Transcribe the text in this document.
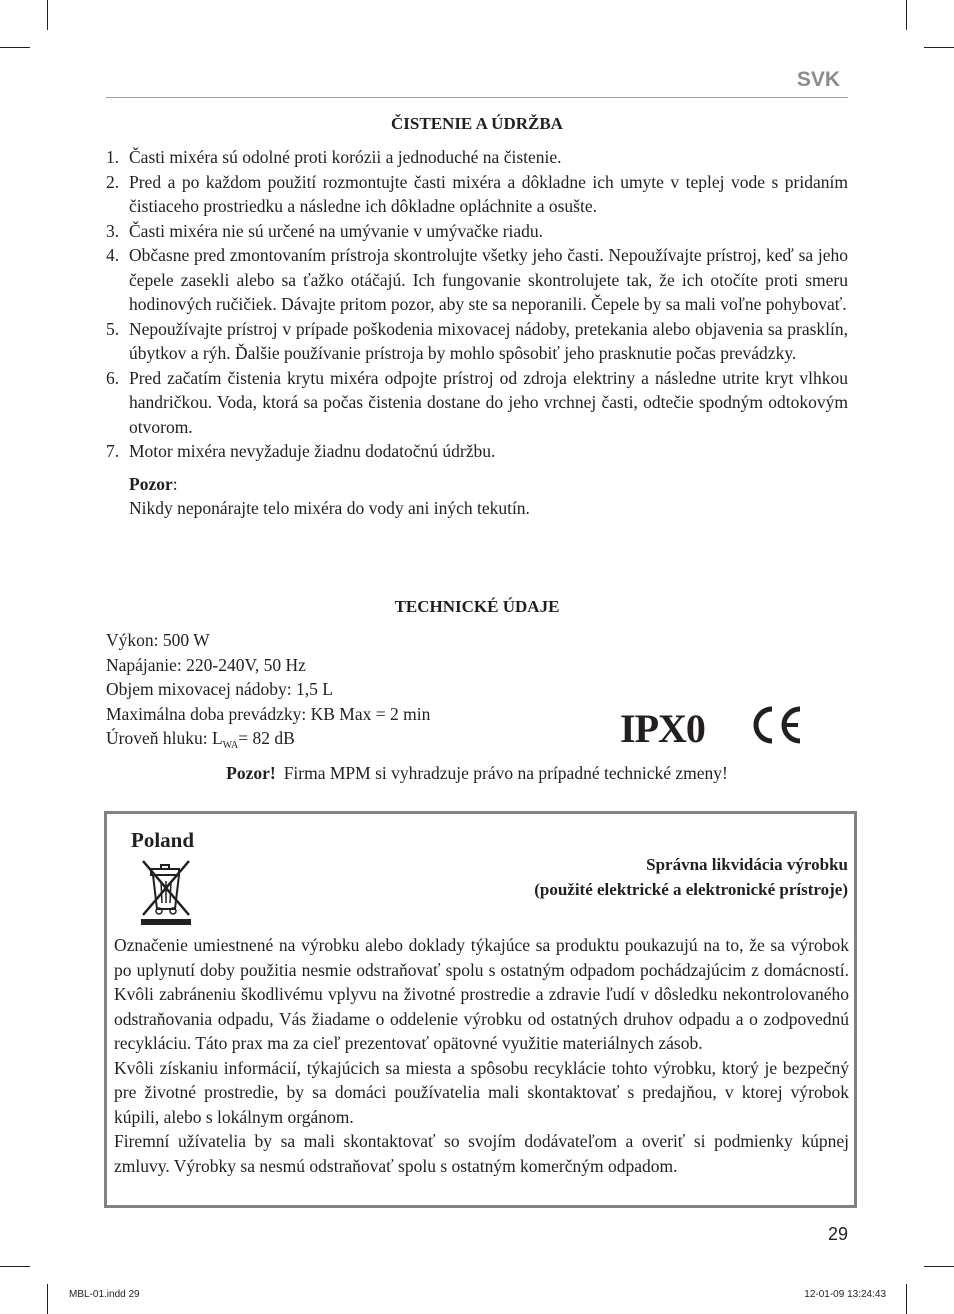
SVK
ČISTENIE A ÚDRŽBA
1. Časti mixéra sú odolné proti korózii a jednoduché na čistenie.
2. Pred a po každom použití rozmontujte časti mixéra a dôkladne ich umyte v teplej vode s pridaním čistiaceho prostriedku a následne ich dôkladne opláchnite a osušte.
3. Časti mixéra nie sú určené na umývanie v umývačke riadu.
4. Občasne pred zmontovaním prístroja skontrolujte všetky jeho časti. Nepoužívajte prístroj, keď sa jeho čepele zasekli alebo sa ťažko otáčajú. Ich fungovanie skontrolujete tak, že ich otočíte proti smeru hodinových ručičiek. Dávajte pritom pozor, aby ste sa neporanili. Čepele by sa mali voľne pohybovať.
5. Nepoužívajte prístroj v prípade poškodenia mixovacej nádoby, pretekania alebo objavenia sa prasklín, úbytkov a rýh. Ďalšie používanie prístroja by mohlo spôsobiť jeho prasknutie počas prevádzky.
6. Pred začatím čistenia krytu mixéra odpojte prístroj od zdroja elektriny a následne utrite kryt vlhkou handričkou. Voda, ktorá sa počas čistenia dostane do jeho vrchnej časti, odtečie spodným odtokovým otvorom.
7. Motor mixéra nevyžaduje žiadnu dodatočnú údržbu.
Pozor:
Nikdy neponárajte telo mixéra do vody ani iných tekutín.
TECHNICKÉ ÚDAJE
Výkon: 500 W
Napájanie: 220-240V, 50 Hz
Objem mixovacej nádoby: 1,5 L
Maximálna doba prevádzky: KB Max = 2 min
Úroveň hluku: $L_{WA}= 82$ dB	IPX0
Pozor! Firma MPM si vyhradzuje právo na prípadné technické zmeny!
Poland
Správna likvidácia výrobku
(použité elektrické a elektronické prístroje)

Označenie umiestnené na výrobku alebo doklady týkajúce sa produktu poukazujú na to, že sa výrobok po uplynutí doby použitia nesmie odstraňovať spolu s ostatným odpadom pochádzajúcim z domácností. Kvôli zabráneniu škodlivému vplyvu na životné prostredie a zdravie ľudí v dôsledku nekontrolovaného odstraňovania odpadu, Vás žiadame o oddelenie výrobku od ostatných druhov odpadu a o zodpovednú recykláciu. Táto prax ma za cieľ prezentovať opätovné využitie materiálnych zásob.

Kvôli získaniu informácií, týkajúcich sa miesta a spôsobu recyklácie tohto výrobku, ktorý je bezpečný pre životné prostredie, by sa domáci používatelia mali skontaktovať s predajňou, v ktorej výrobok kúpili, alebo s lokálnym orgánom.

Firemní užívatelia by sa mali skontaktovať so svojím dodávateľom a overiť si podmienky kúpnej zmluvy. Výrobky sa nesmú odstraňovať spolu s ostatným komerčným odpadom.

29
MBL-01.indd 29	12-01-09 13:24:43
